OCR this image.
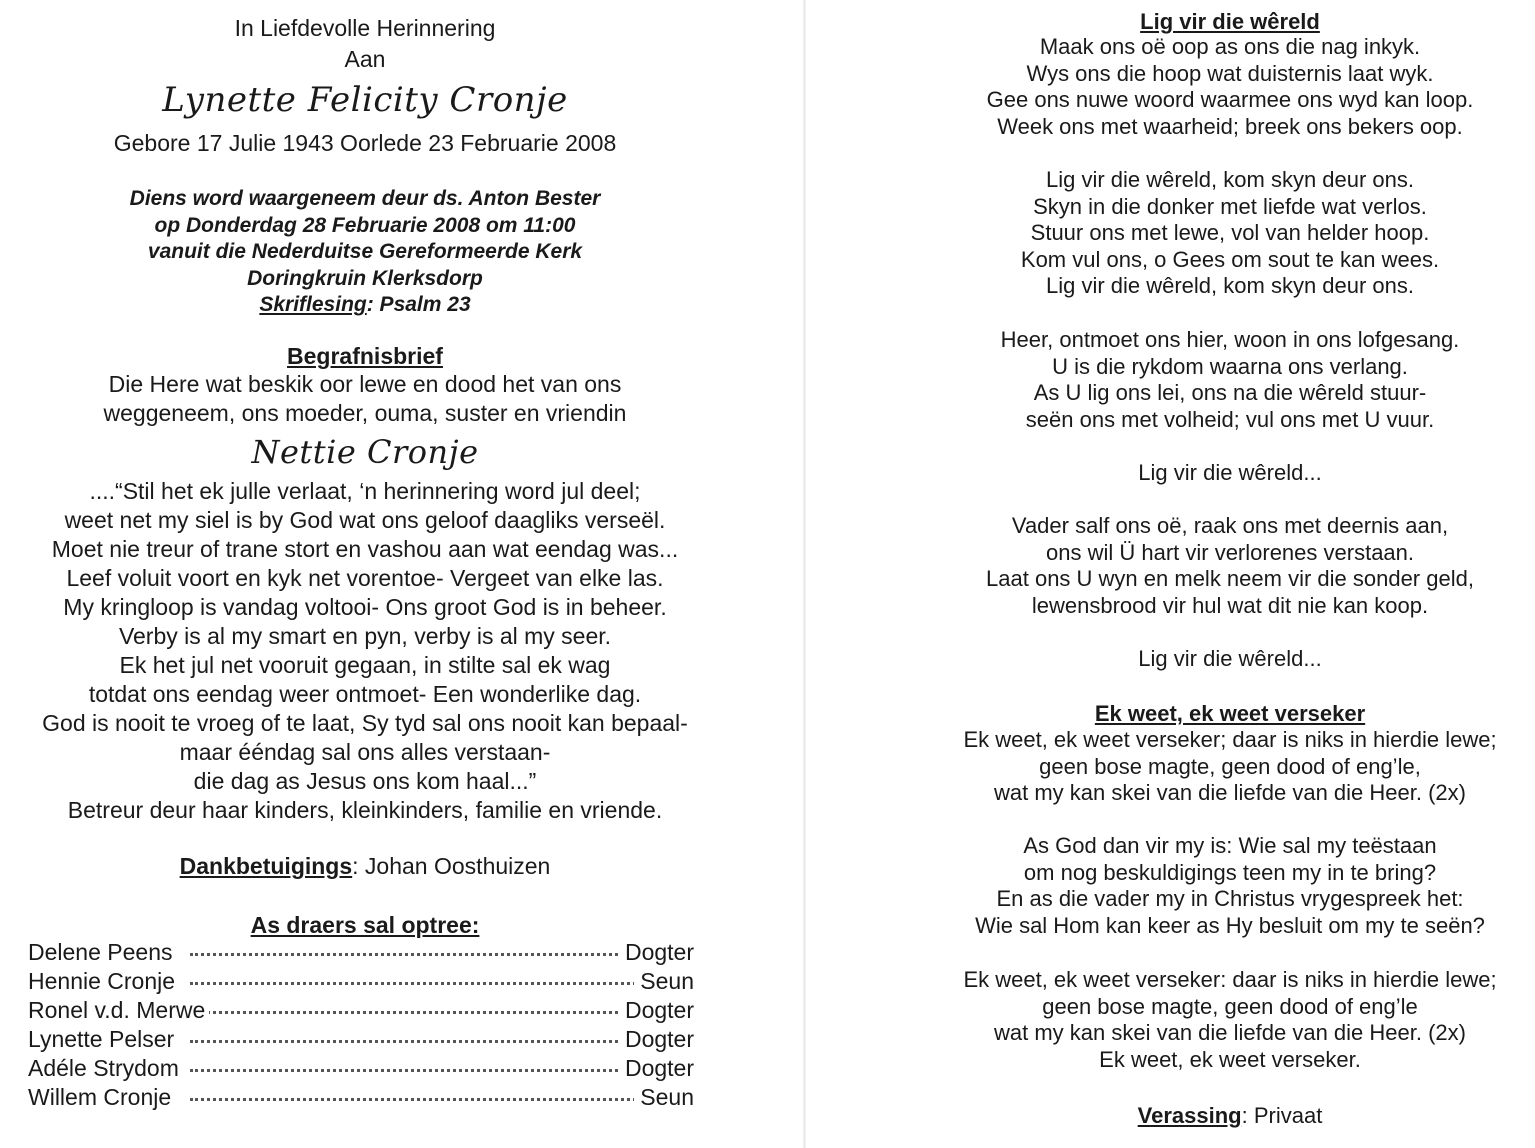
In Liefdevolle Herinnering
Aan
Lynette Felicity Cronje
Gebore 17 Julie 1943 Oorlede 23 Februarie 2008
Diens word waargeneem deur ds. Anton Bester
op Donderdag 28 Februarie 2008 om 11:00
vanuit die Nederduitse Gereformeerde Kerk
Doringkruin Klerksdorp
Skriflesing: Psalm 23
Begrafnisbrief
Die Here wat beskik oor lewe en dood het van ons
weggeneem, ons moeder, ouma, suster en vriendin
Nettie Cronje
....“Stil het ek julle verlaat, ‘n herinnering word jul deel;
weet net my siel is by God wat ons geloof daagliks verseël.
Moet nie treur of trane stort en vashou aan wat eendag was...
Leef voluit voort en kyk net vorentoe- Vergeet van elke las.
My kringloop is vandag voltooi- Ons groot God is in beheer.
Verby is al my smart en pyn, verby is al my seer.
Ek het jul net vooruit gegaan, in stilte sal ek wag
totdat ons eendag weer ontmoet- Een wonderlike dag.
God is nooit te vroeg of te laat, Sy tyd sal ons nooit kan bepaal-
maar ééndag sal ons alles verstaan-
die dag as Jesus ons kom haal...”
Betreur deur haar kinders, kleinkinders, familie en vriende.
Dankbetuigings: Johan Oosthuizen
As draers sal optree:
Delene Peens	Dogter
Hennie Cronje	Seun
Ronel v.d. Merwe	Dogter
Lynette Pelser	Dogter
Adéle Strydom	Dogter
Willem Cronje	Seun
Lig vir die wêreld
Maak ons oë oop as ons die nag inkyk.
Wys ons die hoop wat duisternis laat wyk.
Gee ons nuwe woord waarmee ons wyd kan loop.
Week ons met waarheid; breek ons bekers oop.
Lig vir die wêreld, kom skyn deur ons.
Skyn in die donker met liefde wat verlos.
Stuur ons met lewe, vol van helder hoop.
Kom vul ons, o Gees om sout te kan wees.
Lig vir die wêreld, kom skyn deur ons.
Heer, ontmoet ons hier, woon in ons lofgesang.
U is die rykdom waarna ons verlang.
As U lig ons lei, ons na die wêreld stuur-
seën ons met volheid; vul ons met U vuur.
Lig vir die wêreld...
Vader salf ons oë, raak ons met deernis aan,
ons wil Ü hart vir verlorenes verstaan.
Laat ons U wyn en melk neem vir die sonder geld,
lewensbrood vir hul wat dit nie kan koop.
Lig vir die wêreld...
Ek weet, ek weet verseker
Ek weet, ek weet verseker; daar is niks in hierdie lewe;
geen bose magte, geen dood of eng’le,
wat my kan skei van die liefde van die Heer. (2x)
As God dan vir my is: Wie sal my teëstaan
om nog beskuldigings teen my in te bring?
En as die vader my in Christus vrygespreek het:
Wie sal Hom kan keer as Hy besluit om my te seën?
Ek weet, ek weet verseker: daar is niks in hierdie lewe;
geen bose magte, geen dood of eng’le
wat my kan skei van die liefde van die Heer. (2x)
Ek weet, ek weet verseker.
Verassing: Privaat
